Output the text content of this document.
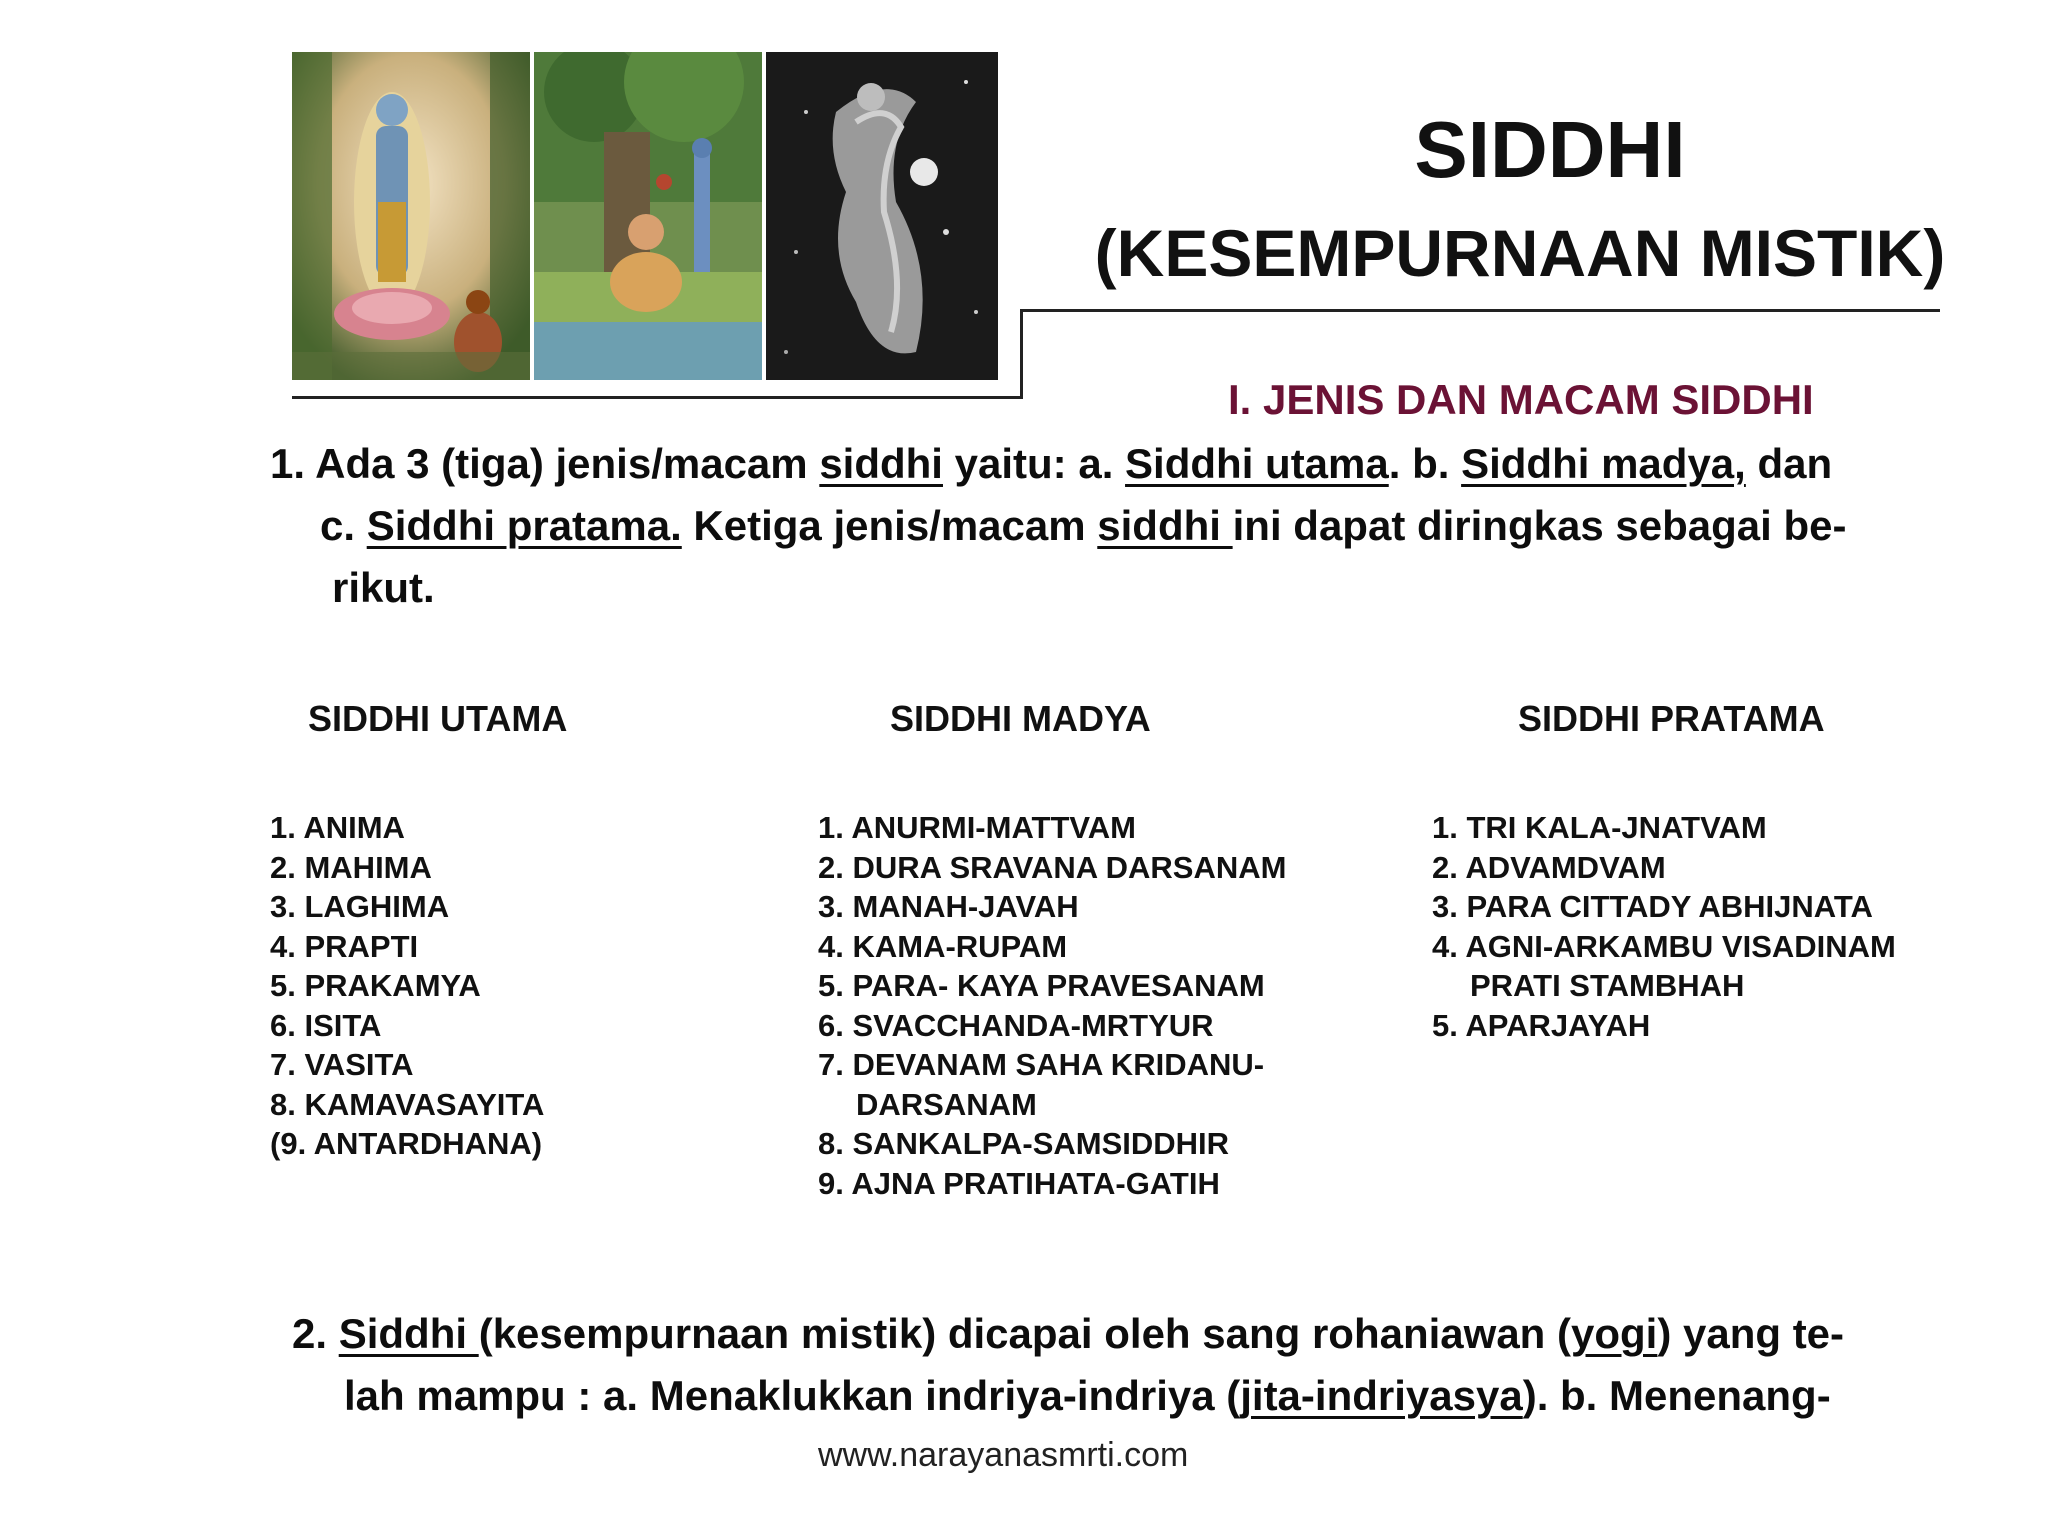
SIDDHI
(KESEMPURNAAN MISTIK)
I. JENIS DAN MACAM SIDDHI
1. Ada 3 (tiga) jenis/macam siddhi yaitu: a. Siddhi utama. b. Siddhi madya, dan
c. Siddhi pratama. Ketiga jenis/macam siddhi ini dapat diringkas sebagai be-
rikut.
SIDDHI UTAMA	SIDDHI MADYA	SIDDHI PRATAMA
1. ANIMA
2. MAHIMA
3. LAGHIMA
4. PRAPTI
5. PRAKAMYA
6. ISITA
7. VASITA
8. KAMAVASAYITA
(9. ANTARDHANA)
1. ANURMI-MATTVAM
2. DURA SRAVANA DARSANAM
3. MANAH-JAVAH
4. KAMA-RUPAM
5. PARA- KAYA PRAVESANAM
6. SVACCHANDA-MRTYUR
7. DEVANAM SAHA KRIDANU-
DARSANAM
8. SANKALPA-SAMSIDDHIR
9. AJNA PRATIHATA-GATIH
1. TRI KALA-JNATVAM
2. ADVAMDVAM
3. PARA CITTADY ABHIJNATA
4. AGNI-ARKAMBU VISADINAM
PRATI STAMBHAH
5. APARJAYAH
2. Siddhi (kesempurnaan mistik) dicapai oleh sang rohaniawan (yogi) yang te-
lah mampu : a. Menaklukkan indriya-indriya (jita-indriyasya). b. Menenang-
www.narayanasmrti.com
